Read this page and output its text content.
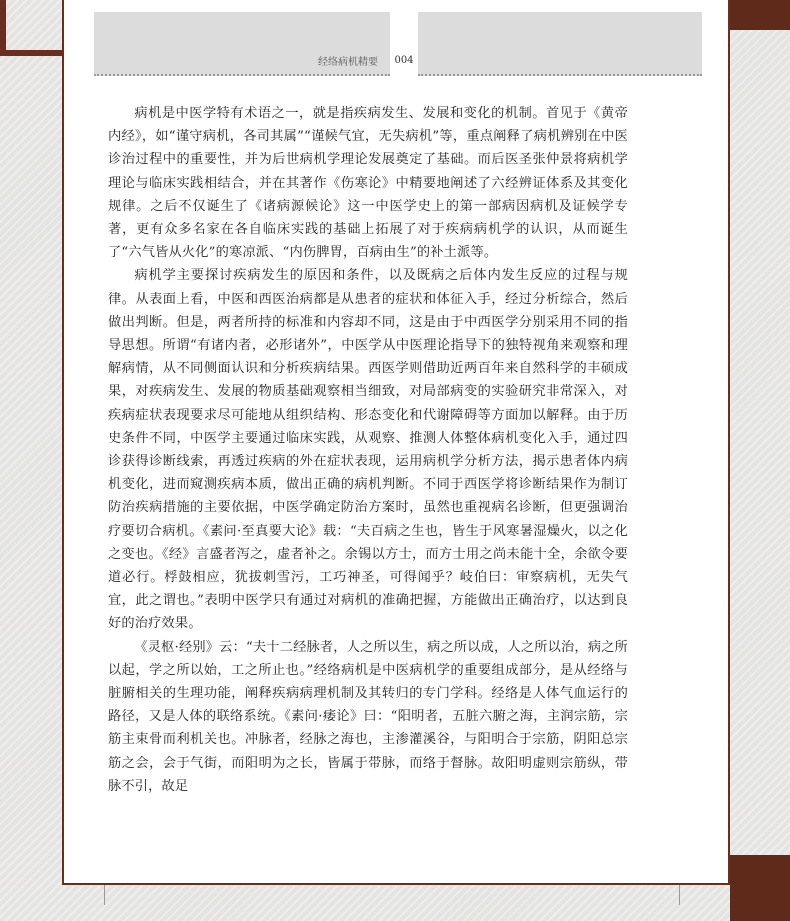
经络病机精要	004

病机是中医学特有术语之一，就是指疾病发生、发展和变化的机制。首见于《黄帝内经》，如“谨守病机，各司其属”“谨候气宜，无失病机”等，重点阐释了病机辨别在中医诊治过程中的重要性，并为后世病机学理论发展奠定了基础。而后医圣张仲景将病机学理论与临床实践相结合，并在其著作《伤寒论》中精要地阐述了六经辨证体系及其变化规律。之后不仅诞生了《诸病源候论》这一中医学史上的第一部病因病机及证候学专著，更有众多名家在各自临床实践的基础上拓展了对于疾病病机学的认识，从而诞生了“六气皆从火化”的寒凉派、“内伤脾胃，百病由生”的补土派等。

病机学主要探讨疾病发生的原因和条件，以及既病之后体内发生反应的过程与规律。从表面上看，中医和西医治病都是从患者的症状和体征入手，经过分析综合，然后做出判断。但是，两者所持的标准和内容却不同，这是由于中西医学分别采用不同的指导思想。所谓“有诸内者，必形诸外”，中医学从中医理论指导下的独特视角来观察和理解病情，从不同侧面认识和分析疾病结果。西医学则借助近两百年来自然科学的丰硕成果，对疾病发生、发展的物质基础观察相当细致，对局部病变的实验研究非常深入，对疾病症状表现要求尽可能地从组织结构、形态变化和代谢障碍等方面加以解释。由于历史条件不同，中医学主要通过临床实践，从观察、推测人体整体病机变化入手，通过四诊获得诊断线索，再透过疾病的外在症状表现，运用病机学分析方法，揭示患者体内病机变化，进而窥测疾病本质，做出正确的病机判断。不同于西医学将诊断结果作为制订防治疾病措施的主要依据，中医学确定防治方案时，虽然也重视病名诊断，但更强调治疗要切合病机。《素问·至真要大论》载：“夫百病之生也，皆生于风寒暑湿燥火，以之化之变也。《经》言盛者泻之，虚者补之。余锡以方士，而方士用之尚未能十全，余欲令要道必行。桴鼓相应，犹拔刺雪污，工巧神圣，可得闻乎？岐伯曰：审察病机，无失气宜，此之谓也。”表明中医学只有通过对病机的准确把握，方能做出正确治疗，以达到良好的治疗效果。

《灵枢·经别》云：“夫十二经脉者，人之所以生，病之所以成，人之所以治，病之所以起，学之所以始，工之所止也。”经络病机是中医病机学的重要组成部分，是从经络与脏腑相关的生理功能，阐释疾病病理机制及其转归的专门学科。经络是人体气血运行的路径，又是人体的联络系统。《素问·痿论》曰：“阳明者，五脏六腑之海，主润宗筋，宗筋主束骨而利机关也。冲脉者，经脉之海也，主渗灌溪谷，与阳明合于宗筋，阴阳总宗筋之会，会于气街，而阳明为之长，皆属于带脉，而络于督脉。故阳明虚则宗筋纵，带脉不引，故足
